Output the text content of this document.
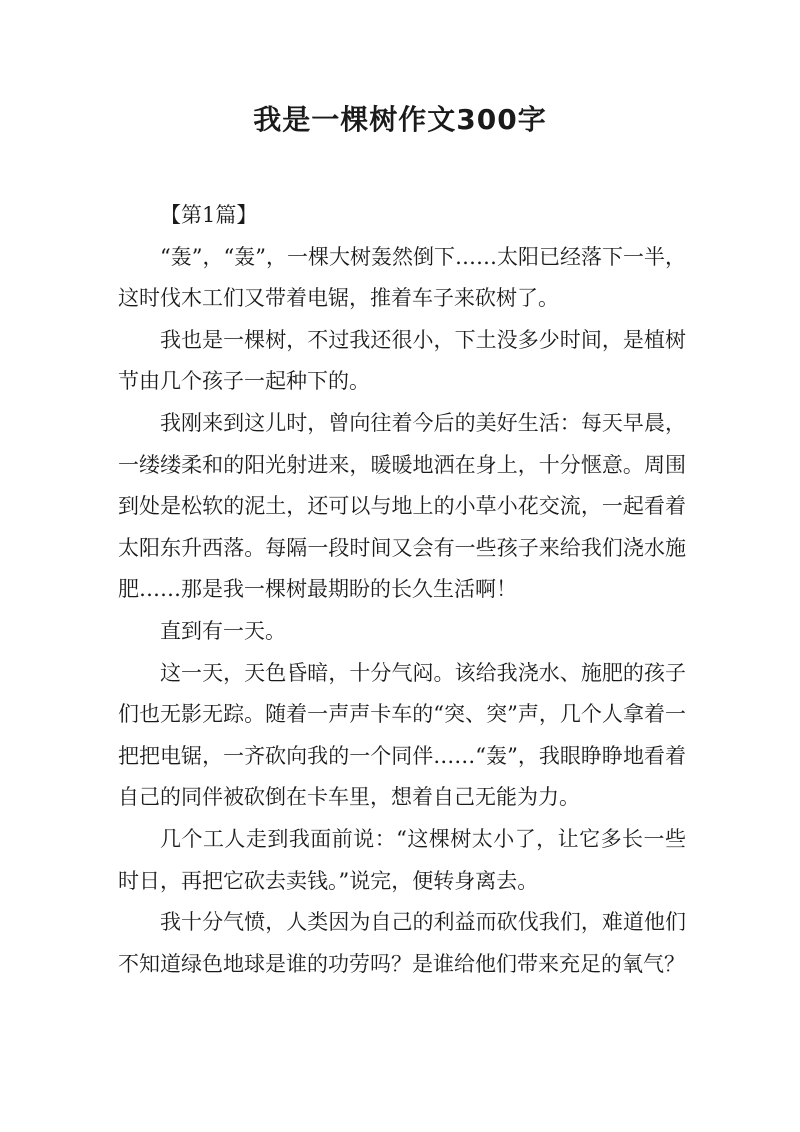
我是一棵树作文300字

【第1篇】

“轰”，“轰”，一棵大树轰然倒下……太阳已经落下一半，这时伐木工们又带着电锯，推着车子来砍树了。

我也是一棵树，不过我还很小，下土没多少时间，是植树节由几个孩子一起种下的。

我刚来到这儿时，曾向往着今后的美好生活：每天早晨，一缕缕柔和的阳光射进来，暖暖地洒在身上，十分惬意。周围到处是松软的泥土，还可以与地上的小草小花交流，一起看着太阳东升西落。每隔一段时间又会有一些孩子来给我们浇水施肥……那是我一棵树最期盼的长久生活啊！

直到有一天。

这一天，天色昏暗，十分气闷。该给我浇水、施肥的孩子们也无影无踪。随着一声声卡车的“突、突”声，几个人拿着一把把电锯，一齐砍向我的一个同伴……“轰”，我眼睁睁地看着自己的同伴被砍倒在卡车里，想着自己无能为力。

几个工人走到我面前说：“这棵树太小了，让它多长一些时日，再把它砍去卖钱。”说完，便转身离去。

我十分气愤，人类因为自己的利益而砍伐我们，难道他们不知道绿色地球是谁的功劳吗？是谁给他们带来充足的氧气？
